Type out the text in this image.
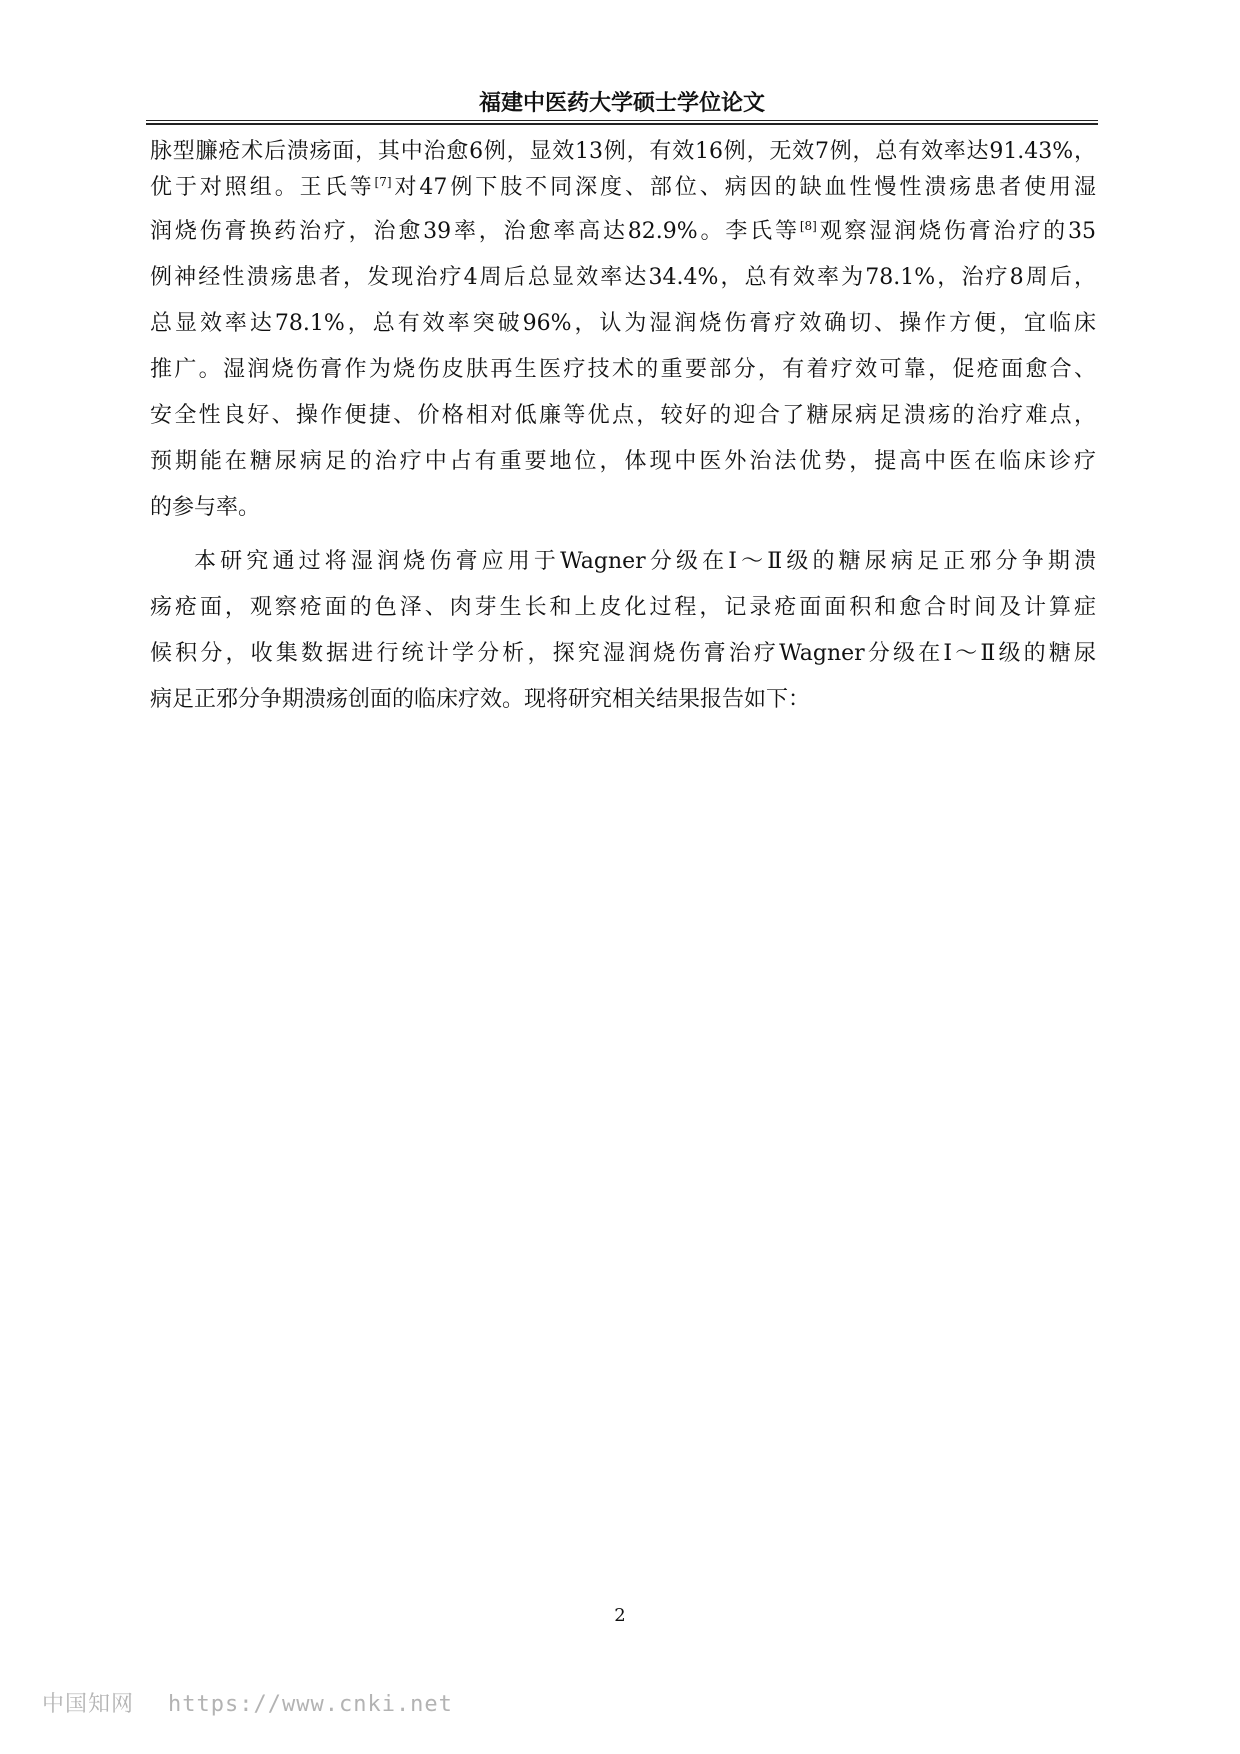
福建中医药大学硕士学位论文
脉型臁疮术后溃疡面，其中治愈6例，显效13例，有效16例，无效7例，总有效率达91.43%，
优于对照组。王氏等[7]对47例下肢不同深度、部位、病因的缺血性慢性溃疡患者使用湿
润烧伤膏换药治疗，治愈39率，治愈率高达82.9%。李氏等[8]观察湿润烧伤膏治疗的35
例神经性溃疡患者，发现治疗4周后总显效率达34.4%，总有效率为78.1%，治疗8周后，
总显效率达78.1%，总有效率突破96%，认为湿润烧伤膏疗效确切、操作方便，宜临床
推广。湿润烧伤膏作为烧伤皮肤再生医疗技术的重要部分，有着疗效可靠，促疮面愈合、
安全性良好、操作便捷、价格相对低廉等优点，较好的迎合了糖尿病足溃疡的治疗难点，
预期能在糖尿病足的治疗中占有重要地位，体现中医外治法优势，提高中医在临床诊疗
的参与率。
本研究通过将湿润烧伤膏应用于Wagner分级在Ⅰ～Ⅱ级的糖尿病足正邪分争期溃
疡疮面，观察疮面的色泽、肉芽生长和上皮化过程，记录疮面面积和愈合时间及计算症
候积分，收集数据进行统计学分析，探究湿润烧伤膏治疗Wagner分级在Ⅰ～Ⅱ级的糖尿
病足正邪分争期溃疡创面的临床疗效。现将研究相关结果报告如下：
2
中国知网 https://www.cnki.net
